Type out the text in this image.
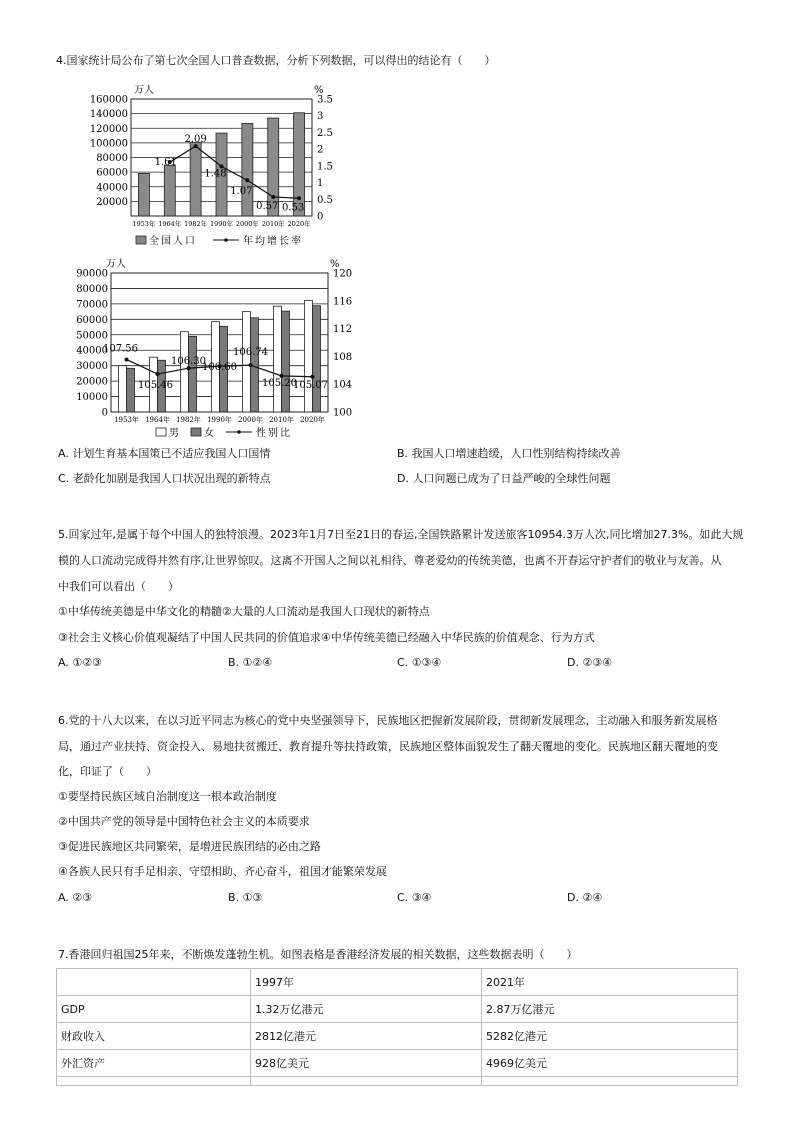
4.国家统计局公布了第七次全国人口普查数据，分析下列数据，可以得出的结论有（　　）
160000
140000
120000
100000
80000
60000
40000
20000
3.5
3
2.5
2
1.5
1
0.5
0
万人	%
1953年 1964年 1982年 1990年 2000年 2010年 2020年
1.61
2.09
1.48
1.07
0.57 0.53
全国人口	年均增长率
90000
80000
70000
60000
50000
40000
30000
20000
10000
0
120
116
112
108
104
100
万人	%
1953年 1964年 1982年 1990年 2000年 2010年 2020年
107.56
105.46
106.30
106.60
106.74
105.20
105.07
男 女	性别比
A. 计划生育基本国策已不适应我国人口国情	B. 我国人口增速趋缓，人口性别结构持续改善
C. 老龄化加剧是我国人口状况出现的新特点	D. 人口问题已成为了日益严峻的全球性问题
5.回家过年,是属于每个中国人的独特浪漫。2023年1月7日至21日的春运,全国铁路累计发送旅客10954.3万人次,同比增加27.3%。如此大规
模的人口流动完成得井然有序,让世界惊叹。这离不开国人之间以礼相待、尊老爱幼的传统美德，也离不开春运守护者们的敬业与友善。从
中我们可以看出（　　）
①中华传统美德是中华文化的精髓②大量的人口流动是我国人口现状的新特点
③社会主义核心价值观凝结了中国人民共同的价值追求④中华传统美德已经融入中华民族的价值观念、行为方式
A. ①②③	B. ①②④	C. ①③④	D. ②③④
6.党的十八大以来，在以习近平同志为核心的党中央坚强领导下，民族地区把握新发展阶段，贯彻新发展理念，主动融入和服务新发展格
局，通过产业扶持、资金投入、易地扶贫搬迁、教育提升等扶持政策，民族地区整体面貌发生了翻天覆地的变化。民族地区翻天覆地的变
化，印证了（　　）
①要坚持民族区域自治制度这一根本政治制度
②中国共产党的领导是中国特色社会主义的本质要求
③促进民族地区共同繁荣，是增进民族团结的必由之路
④各族人民只有手足相亲、守望相助、齐心奋斗，祖国才能繁荣发展
A. ②③	B. ①③	C. ③④	D. ②④
7.香港回归祖国25年来，不断焕发蓬勃生机。如图表格是香港经济发展的相关数据，这些数据表明（　　）
	1997年	2021年
GDP	1.32万亿港元	2.87万亿港元
财政收入	2812亿港元	5282亿港元
外汇资产	928亿美元	4969亿美元
